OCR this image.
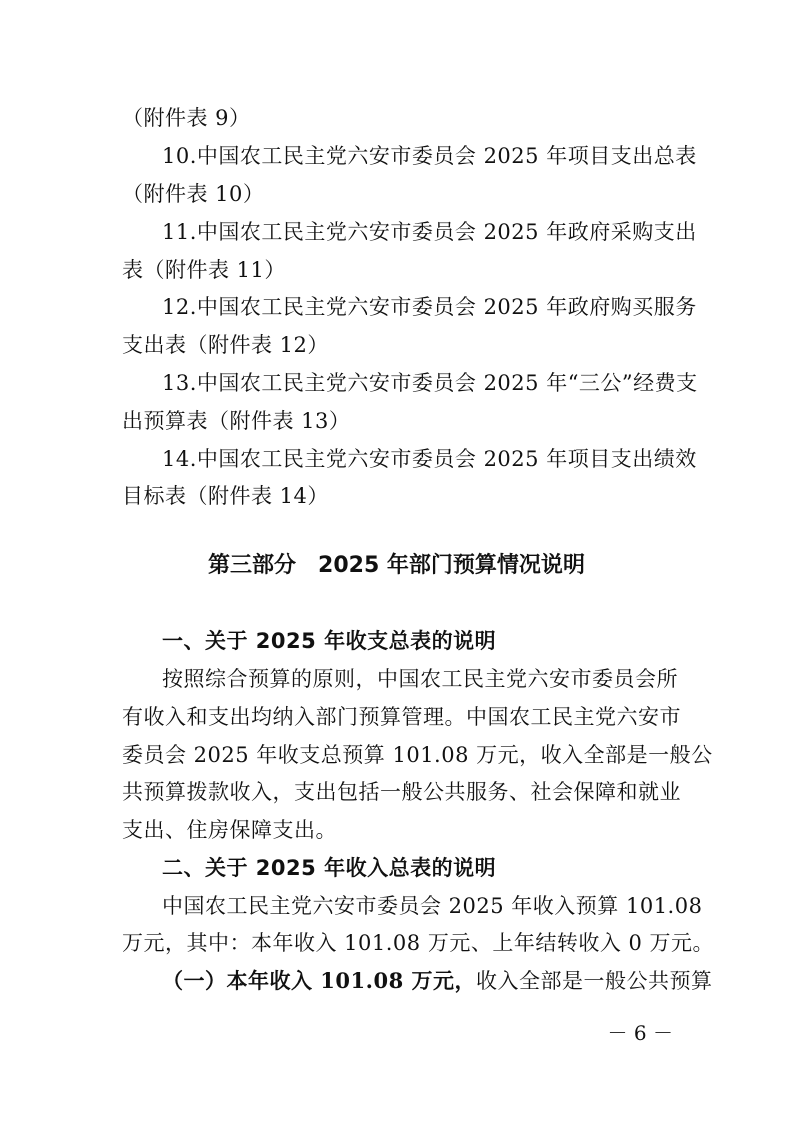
（附件表 9）
10.中国农工民主党六安市委员会 2025 年项目支出总表
（附件表 10）
11.中国农工民主党六安市委员会 2025 年政府采购支出
表（附件表 11）
12.中国农工民主党六安市委员会 2025 年政府购买服务
支出表（附件表 12）
13.中国农工民主党六安市委员会 2025 年“三公”经费支
出预算表（附件表 13）
14.中国农工民主党六安市委员会 2025 年项目支出绩效
目标表（附件表 14）
第三部分　2025 年部门预算情况说明
一、关于 2025 年收支总表的说明
按照综合预算的原则，中国农工民主党六安市委员会所
有收入和支出均纳入部门预算管理。中国农工民主党六安市
委员会 2025 年收支总预算 101.08 万元，收入全部是一般公
共预算拨款收入，支出包括一般公共服务、社会保障和就业
支出、住房保障支出。
二、关于 2025 年收入总表的说明
中国农工民主党六安市委员会 2025 年收入预算 101.08
万元，其中：本年收入 101.08 万元、上年结转收入 0 万元。
（一）本年收入 101.08 万元，收入全部是一般公共预算
－ 6 －
